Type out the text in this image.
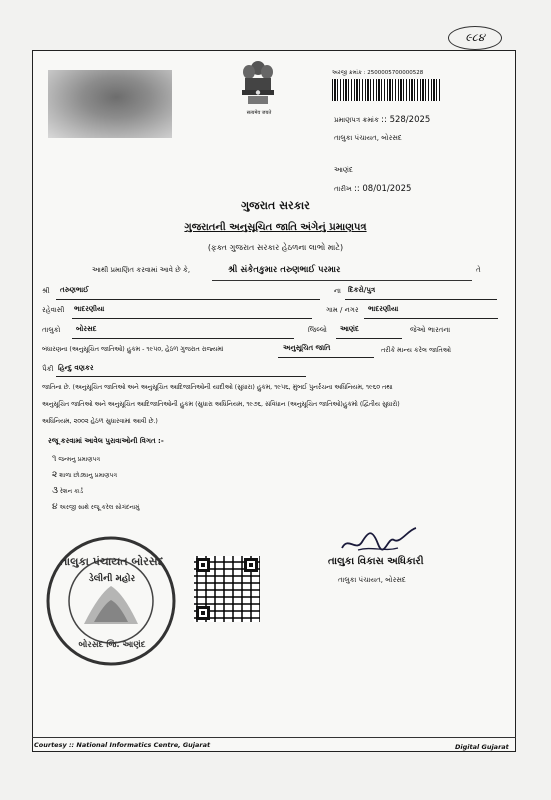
૯૮૪
सत्यमेव जयते
અરજી ક્રમાંક : 2500005700000528
પ્રમાણપત્ર ક્રમાંક :: 528/2025
તાલુકા પંચાયત, બોરસદ
આણંદ
તારીખ :: 08/01/2025
ગુજરાત સરકાર
ગુજરાતની અનુસૂચિત જાતિ અંગેનું પ્રમાણપત્ર
(ફક્ત ગુજરાત સરકાર હેઠળના લાભો માટે)
આથી પ્રમાણિત કરવામાં આવે છે કે,	શ્રી સંકેતકુમાર તરુણભાઈ પરમાર	તે
શ્રી તરુણભાઈ	ના દિકરો/પુત્ર
રહેવાસી ભાદરણીયા	ગામ / નગર ભાદરણીયા
તાલુકો બોરસદ	જિલ્લો આણંદ	જેઓ ભારતના
બંધારણના (અનુસૂચિત જાતિઓ) હુકમ - ૧૯૫૦, હેઠળ ગુજરાત રાજ્યમાં	અનુસૂચિત જાતિ	તરીકે માન્ય કરેલ જાતિઓ
પૈકી હિન્દુ વણકર
જાતિના છે. (અનુસૂચિત જાતિઓ અને અનુસૂચિત આદિજાતિઓની યાદીઓ (સુધારા) હુકમ, ૧૯૫૬, મુંબઈ પુનર્રચના અધિનિયમ, ૧૯૬૦ તથા
અનુસૂચિત જાતિઓ અને અનુસૂચિત આદિજાતિઓની હુકમ (સુધારા અધિનિયમ, ૧૯૭૬, સંવિધાન (અનુસૂચિત જાતિઓ)હુકમો (દ્વિતીય સુધારો)
અધિનિયમ, ૨૦૦૨ હેઠળ સુધારવામાં આવી છે.)
રજૂ કરવામાં આવેલ પુરાવાઓની વિગત :-
૧ જન્મનુ પ્રમાણપત્ર
૨ શાળા છોડ્યાનુ પ્રમાણપત્ર
૩ રેશન કાર્ડ
૪ અરજી સાથે રજૂ કરેલ સોગંદનામું
તાલુકા પંચાયત બોરસદ
ડેલીની મહોર
બોરસદ જિ. આણંદ
તાલુકા વિકાસ અધિકારી
તાલુકા પંચાયત, બોરસદ
Courtesy :: National Informatics Centre, Gujarat	Digital Gujarat
